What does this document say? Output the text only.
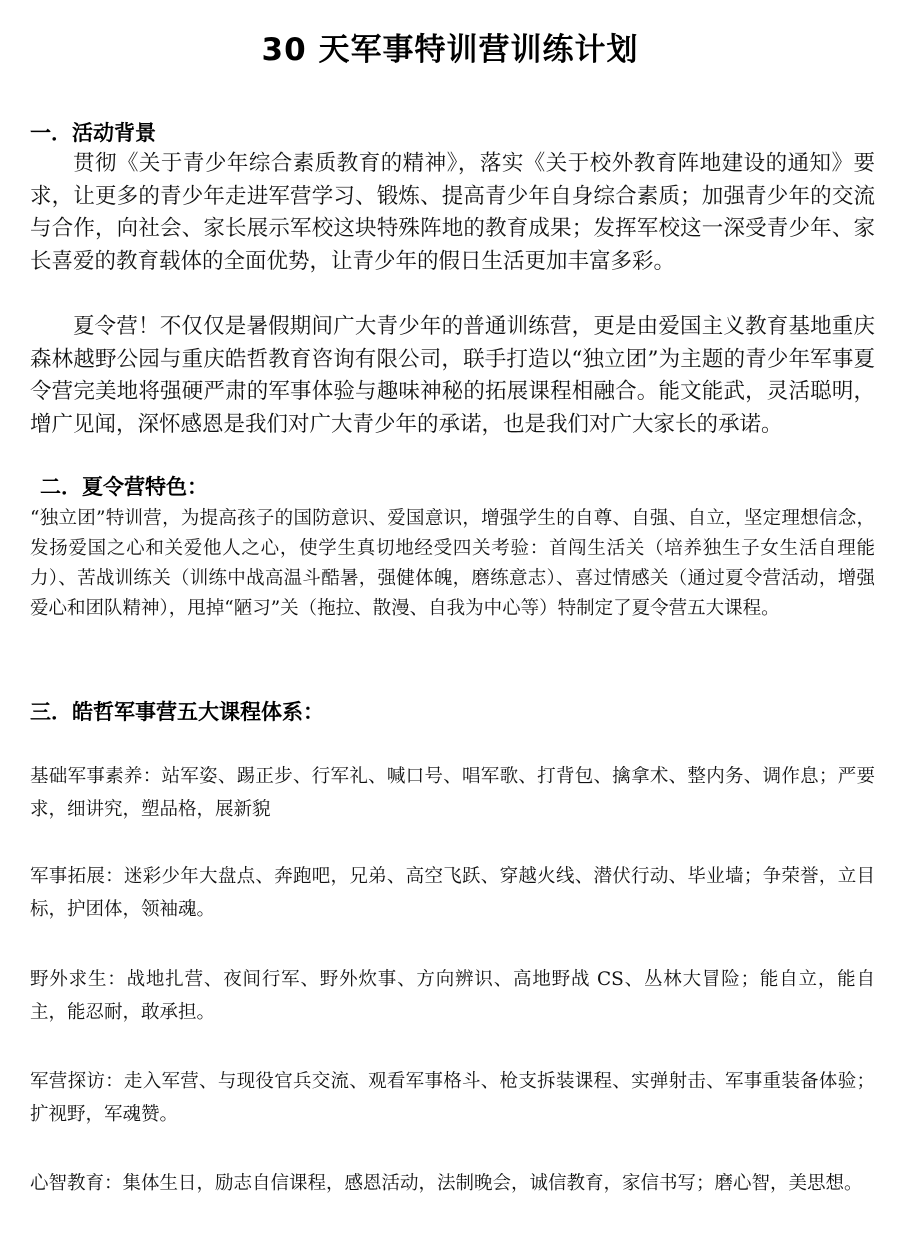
30 天军事特训营训练计划
一．活动背景

贯彻《关于青少年综合素质教育的精神》，落实《关于校外教育阵地建设的通知》要求，让更多的青少年走进军营学习、锻炼、提高青少年自身综合素质；加强青少年的交流与合作，向社会、家长展示军校这块特殊阵地的教育成果；发挥军校这一深受青少年、家长喜爱的教育载体的全面优势，让青少年的假日生活更加丰富多彩。

夏令营！不仅仅是暑假期间广大青少年的普通训练营，更是由爱国主义教育基地重庆森林越野公园与重庆皓哲教育咨询有限公司，联手打造以“独立团”为主题的青少年军事夏令营完美地将强硬严肃的军事体验与趣味神秘的拓展课程相融合。能文能武，灵活聪明，增广见闻，深怀感恩是我们对广大青少年的承诺，也是我们对广大家长的承诺。

二．夏令营特色：

“独立团”特训营，为提高孩子的国防意识、爱国意识，增强学生的自尊、自强、自立，坚定理想信念，发扬爱国之心和关爱他人之心，使学生真切地经受四关考验：首闯生活关（培养独生子女生活自理能力）、苦战训练关（训练中战高温斗酷暑，强健体魄，磨练意志）、喜过情感关（通过夏令营活动，增强爱心和团队精神），甩掉“陋习”关（拖拉、散漫、自我为中心等）特制定了夏令营五大课程。

三．皓哲军事营五大课程体系：

基础军事素养：站军姿、踢正步、行军礼、喊口号、唱军歌、打背包、擒拿术、整内务、调作息；严要求，细讲究，塑品格，展新貌

军事拓展：迷彩少年大盘点、奔跑吧，兄弟、高空飞跃、穿越火线、潜伏行动、毕业墙；争荣誉，立目标，护团体，领袖魂。

野外求生：战地扎营、夜间行军、野外炊事、方向辨识、高地野战 CS、丛林大冒险；能自立，能自主，能忍耐，敢承担。

军营探访：走入军营、与现役官兵交流、观看军事格斗、枪支拆装课程、实弹射击、军事重装备体验；扩视野，军魂赞。

心智教育：集体生日，励志自信课程，感恩活动，法制晚会，诚信教育，家信书写；磨心智，美思想。
